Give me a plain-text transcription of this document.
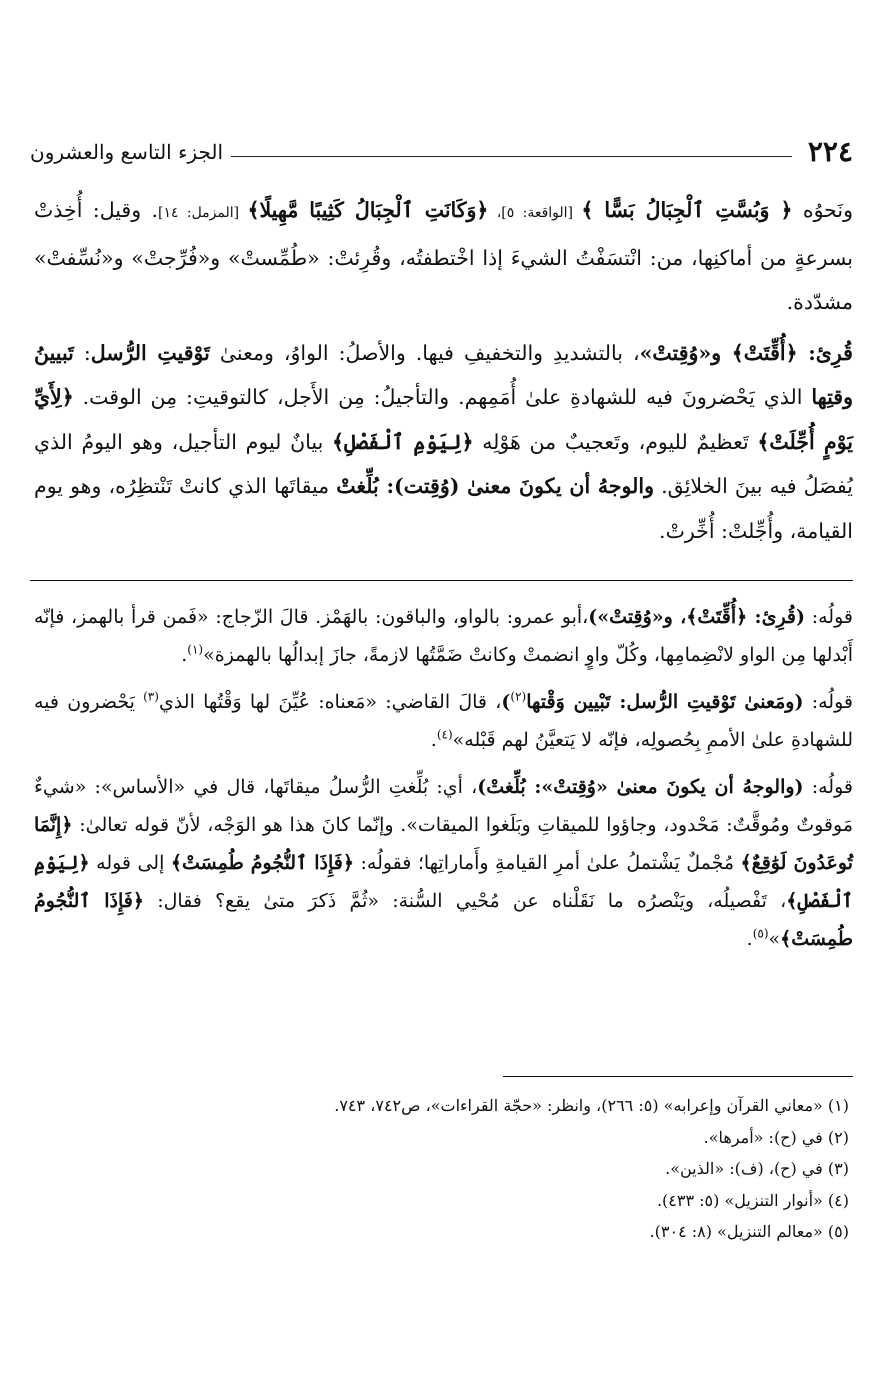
٢٢٤
الجزء التاسع والعشرون

ونَحوُه ﴿ وَبُسَّتِ ٱلْجِبَالُ بَسًّا ﴾ [الواقعة: ٥]، ﴿وَكَانَتِ ٱلْجِبَالُ كَثِيبًا مَّهِيلًا﴾ [المزمل: ١٤]. وقيل: أُخِذتْ بسرعةٍ من أماكنِها، من: انْتسَفْتُ الشيءَ إذا اخْتطفتُه، وقُرِئتْ: «طُمِّستْ» و«فُرِّجتْ» و«نُسِّفتْ» مشدّدة.

قُرِئ: ﴿أُقِّتَتْ﴾ و«وُقِتتْ»، بالتشديدِ والتخفيفِ فيها. والأصلُ: الواوُ، ومعنىٰ تَوْقيتِ الرُّسل: تَبيينُ وقتِها الذي يَحْضرونَ فيه للشهادةِ علىٰ أُمَمِهم. والتأجيلُ: مِن الأَجل، كالتوقيتِ: مِن الوقت. ﴿لِأَيِّ يَوْمٍ أُجِّلَتْ﴾ تَعظيمٌ لليوم، وتَعجيبٌ من هَوْلِه ﴿لِيَوْمِ ٱلْفَصْلِ﴾ بيانٌ ليوم التأجيل، وهو اليومُ الذي يُفصَلُ فيه بينَ الخلائِق. والوجهُ أن يكونَ معنىٰ (وُقِتت): بُلِّغتْ ميقاتَها الذي كانتْ تَنْتظِرُه، وهو يوم القيامة، وأُجِّلتْ: أُخِّرتْ.

قولُه: (قُرِئ: ﴿أُقِّتَتْ﴾، و«وُقِتتْ»)،أبو عمرو: بالواو، والباقون: بالهَمْز. قالَ الزّجاج: «فَمن قرأ بالهمز، فإنّه أَبْدلها مِن الواو لانْضِمامِها، وكُلّ واوٍ انضمتْ وكانتْ ضَمَّتُها لازمةً، جازَ إبدالُها بالهمزة»$^{(١)}$.

قولُه: (ومَعنىٰ تَوْقيتِ الرُّسل: تَبْيين وَقْتها$^{(٢)}$)، قالَ القاضي: «مَعناه: عُيِّنَ لها وَقْتُها الذي$^{(٣)}$ يَحْضرون فيه للشهادةِ علىٰ الأممِ بِحُصولِه، فإنّه لا يَتعيَّنُ لهم قَبْله»$^{(٤)}$.

قولُه: (والوجهُ أن يكونَ معنىٰ «وُقِتتْ»: بُلِّغتْ)، أي: بُلِّغتِ الرُّسلُ ميقاتَها، قال في «الأساس»: «شيءٌ مَوقوتٌ ومُوقَّتٌ: مَحْدود، وجاؤوا للميقاتِ وبَلَغوا الميقات». وإنّما كانَ هذا هو الوَجْه، لأنّ قوله تعالىٰ: ﴿إِنَّمَا تُوعَدُونَ لَوَٰقِعٌ﴾ مُجْملٌ يَشْتملُ علىٰ أمرِ القيامةِ وأَماراتِها؛ فقولُه: ﴿فَإِذَا ٱلنُّجُومُ طُمِسَتْ﴾ إلى قوله ﴿لِيَوْمِ ٱلْفَصْلِ﴾، تَفْصيلُه، ويَنْصرُه ما نَقَلْناه عن مُحْيي السُّنة: «ثُمَّ ذَكرَ متىٰ يقع؟ فقال: ﴿فَإِذَا ٱلنُّجُومُ طُمِسَتْ﴾»$^{(٥)}$.

(١) «معاني القرآن وإعرابه» (٥: ٢٦٦)، وانظر: «حجّة القراءات»، ص٧٤٢، ٧٤٣.
(٢) في (ح): «أمرها».
(٣) في (ح)، (ف): «الذين».
(٤) «أنوار التنزيل» (٥: ٤٣٣).
(٥) «معالم التنزيل» (٨: ٣٠٤).
